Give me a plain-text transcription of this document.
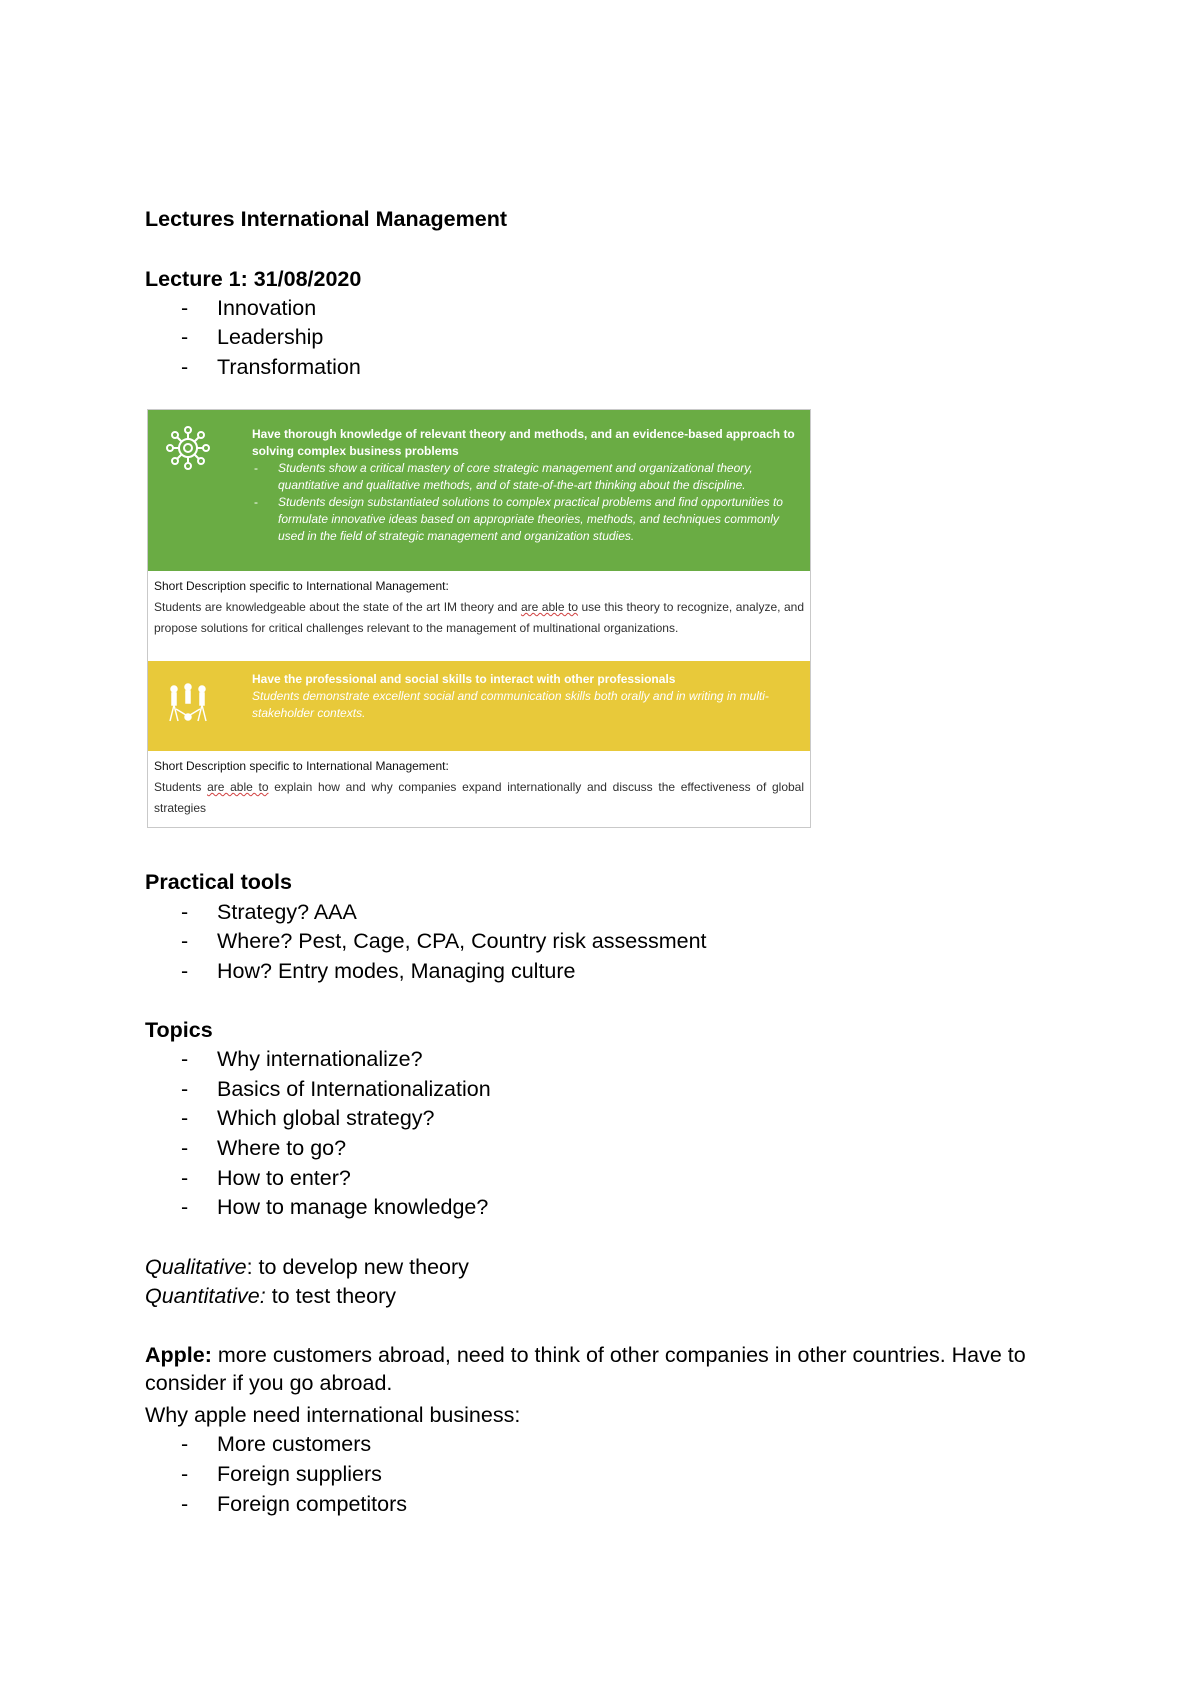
Lectures International Management
Lecture 1: 31/08/2020
- Innovation
- Leadership
- Transformation
Have thorough knowledge of relevant theory and methods, and an evidence-based approach to solving complex business problems
- Students show a critical mastery of core strategic management and organizational theory, quantitative and qualitative methods, and of state-of-the-art thinking about the discipline.
- Students design substantiated solutions to complex practical problems and find opportunities to formulate innovative ideas based on appropriate theories, methods, and techniques commonly used in the field of strategic management and organization studies.
Short Description specific to International Management:
Students are knowledgeable about the state of the art IM theory and are able to use this theory to recognize, analyze, and propose solutions for critical challenges relevant to the management of multinational organizations.
Have the professional and social skills to interact with other professionals
Students demonstrate excellent social and communication skills both orally and in writing in multi-stakeholder contexts.
Short Description specific to International Management:
Students are able to explain how and why companies expand internationally and discuss the effectiveness of global strategies
Practical tools
- Strategy? AAA
- Where? Pest, Cage, CPA, Country risk assessment
- How? Entry modes, Managing culture
Topics
- Why internationalize?
- Basics of Internationalization
- Which global strategy?
- Where to go?
- How to enter?
- How to manage knowledge?
Qualitative: to develop new theory
Quantitative: to test theory
Apple: more customers abroad, need to think of other companies in other countries. Have to consider if you go abroad.
Why apple need international business:
- More customers
- Foreign suppliers
- Foreign competitors
